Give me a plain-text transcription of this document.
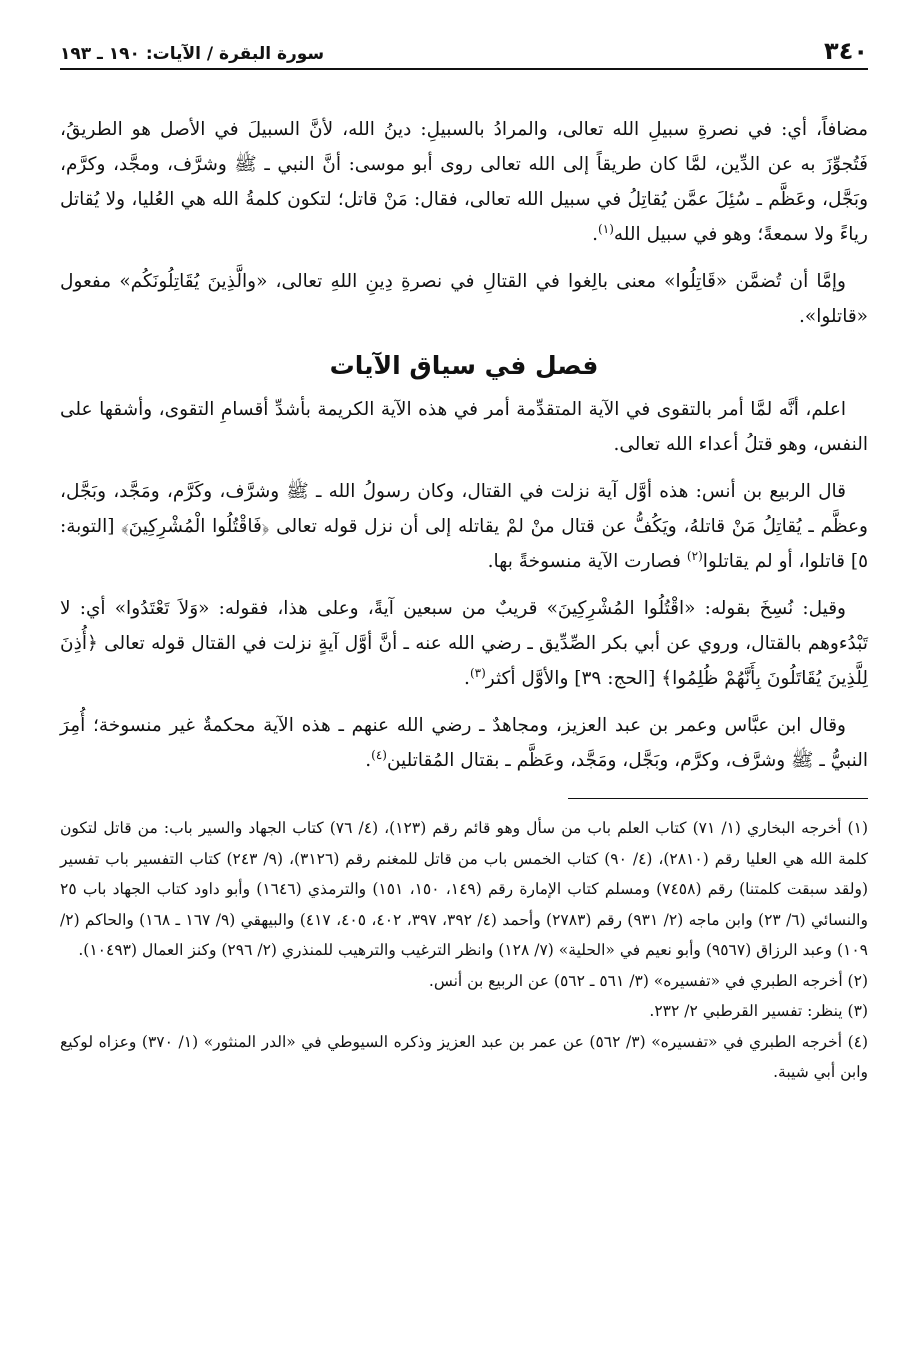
٣٤٠
سورة البقرة / الآيات: ١٩٠ ـ ١٩٣

مضافاً، أي: في نصرةِ سبيلِ الله تعالى، والمرادُ بالسبيلِ: دينُ الله، لأنَّ السبيلَ في الأصل هو الطريقُ، فَتُجوِّزَ به عن الدِّين، لمَّا كان طريقاً إلى الله تعالى روى أبو موسى: أنَّ النبي ـ ﷺ وشرَّف، ومجَّد، وكرَّم، وبَجَّل، وعَظَّم ـ سُئِلَ عمَّن يُقاتِلُ في سبيل الله تعالى، فقال: مَنْ قاتل؛ لتكون كلمةُ الله هي العُليا، ولا يُقاتل رياءً ولا سمعةً؛ وهو في سبيل الله$^{(١)}$.

وإمَّا أن تُضمَّن «قَاتِلُوا» معنى بالِغوا في القتالِ في نصرةِ دِينِ اللهِ تعالى، «والَّذِينَ يُقَاتِلُونَكُم» مفعول «قاتلوا».

فصل في سياق الآيات

اعلم، أنَّه لمَّا أمر بالتقوى في الآية المتقدِّمة أمر في هذه الآية الكريمة بأشدِّ أقسامِ التقوى، وأشقها على النفس، وهو قتلُ أعداء الله تعالى.

قال الربيع بن أنس: هذه أوَّل آية نزلت في القتال، وكان رسولُ الله ـ ﷺ وشرَّف، وكَرَّم، ومَجَّد، وبَجَّل، وعظَّم ـ يُقاتِلُ مَنْ قاتلهُ، ويَكُفُّ عن قتال منْ لمْ يقاتله إلى أن نزل قوله تعالى ﴿فَاقْتُلُوا الْمُشْرِكِينَ﴾ [التوبة: ٥] قاتلوا، أو لم يقاتلوا$^{(٢)}$ فصارت الآية منسوخةً بها.

وقيل: نُسِخَ بقوله: «اقْتُلُوا المُشْرِكِينَ» قريبٌ من سبعين آيةً، وعلى هذا، فقوله: «وَلاَ تَعْتَدُوا» أي: لا تَبْدُءوهم بالقتال، وروي عن أبي بكر الصِّدِّيق ـ رضي الله عنه ـ أنَّ أوَّل آيةٍ نزلت في القتال قوله تعالى ﴿أُذِنَ لِلَّذِينَ يُقَاتَلُونَ بِأَنَّهُمْ ظُلِمُوا﴾ [الحج: ٣٩] والأوَّل أكثر$^{(٣)}$.

وقال ابن عبَّاس وعمر بن عبد العزيز، ومجاهدٌ ـ رضي الله عنهم ـ هذه الآية محكمةٌ غير منسوخة؛ أُمِرَ النبيُّ ـ ﷺ وشرَّف، وكرَّم، وبَجَّل، ومَجَّد، وعَظَّم ـ بقتال المُقاتلين$^{(٤)}$.

(١) أخرجه البخاري (١/ ٧١) كتاب العلم باب من سأل وهو قائم رقم (١٢٣)، (٤/ ٧٦) كتاب الجهاد والسير باب: من قاتل لتكون كلمة الله هي العليا رقم (٢٨١٠)، (٤/ ٩٠) كتاب الخمس باب من قاتل للمغنم رقم (٣١٢٦)، (٩/ ٢٤٣) كتاب التفسير باب تفسير (ولقد سبقت كلمتنا) رقم (٧٤٥٨) ومسلم كتاب الإمارة رقم (١٤٩، ١٥٠، ١٥١) والترمذي (١٦٤٦) وأبو داود كتاب الجهاد باب ٢٥ والنسائي (٦/ ٢٣) وابن ماجه (٢/ ٩٣١) رقم (٢٧٨٣) وأحمد (٤/ ٣٩٢، ٣٩٧، ٤٠٢، ٤٠٥، ٤١٧) والبيهقي (٩/ ١٦٧ ـ ١٦٨) والحاكم (٢/ ١٠٩) وعبد الرزاق (٩٥٦٧) وأبو نعيم في «الحلية» (٧/ ١٢٨) وانظر الترغيب والترهيب للمنذري (٢/ ٢٩٦) وكنز العمال (١٠٤٩٣).

(٢) أخرجه الطبري في «تفسيره» (٣/ ٥٦١ ـ ٥٦٢) عن الربيع بن أنس.

(٣) ينظر: تفسير القرطبي ٢/ ٢٣٢.

(٤) أخرجه الطبري في «تفسيره» (٣/ ٥٦٢) عن عمر بن عبد العزيز وذكره السيوطي في «الدر المنثور» (١/ ٣٧٠) وعزاه لوكيع وابن أبي شيبة.
